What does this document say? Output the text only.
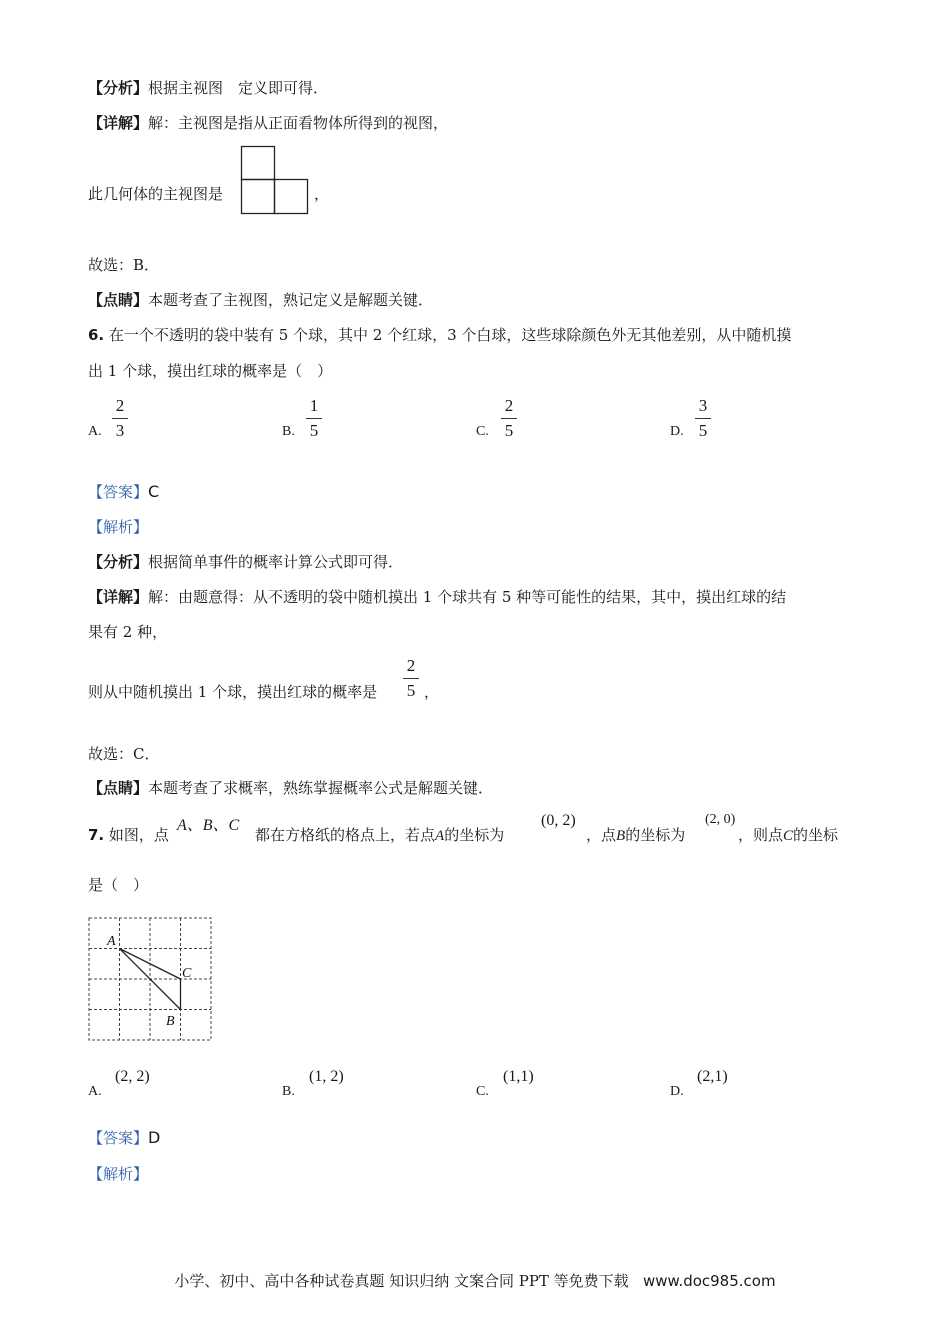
【分析】根据主视图　定义即可得．
【详解】解：主视图是指从正面看物体所得到的视图，
此几何体的主视图是	，
故选：B．
【点睛】本题考查了主视图，熟记定义是解题关键．
6. 在一个不透明的袋中装有 5 个球，其中 2 个红球，3 个白球，这些球除颜色外无其他差别，从中随机摸
出 1 个球，摸出红球的概率是（　）
A.
2
3	B.
1
5	C.
2
5	D.
3
5
【答案】C
【解析】
【分析】根据简单事件的概率计算公式即可得．
【详解】解：由题意得：从不透明的袋中随机摸出 1 个球共有 5 种等可能性的结果，其中，摸出红球的结
果有 2 种，
则从中随机摸出 1 个球，摸出红球的概率是
2
5 ，
故选：C．
【点睛】本题考查了求概率，熟练掌握概率公式是解题关键．
7. 如图，点
A、B、C
都在方格纸的格点上，若点A的坐标为
(0, 2)
，点B的坐标为
(2, 0)
，则点C的坐标
是（　）
A
C
B
A.
(2, 2)
B.
(1, 2)
C.
(1,1)
D.
(2,1)
【答案】D
【解析】
小学、初中、高中各种试卷真题 知识归纳 文案合同 PPT 等免费下载 www.doc985.com
